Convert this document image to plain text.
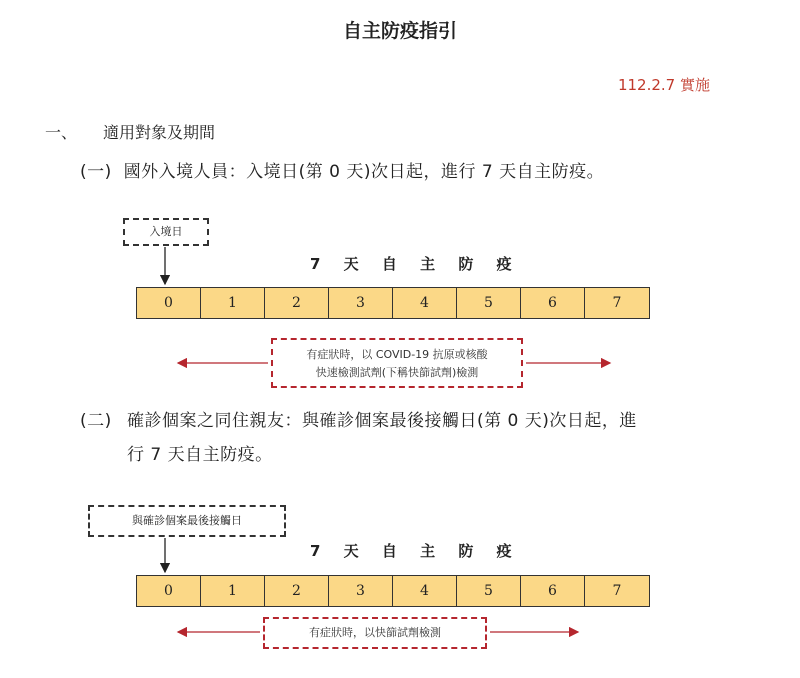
自主防疫指引
112.2.7 實施
一、 適用對象及期間
(一) 國外入境人員：入境日(第 0 天)次日起，進行 7 天自主防疫。
入境日
7 天 自 主 防 疫
0	1	2	3	4	5	6	7
有症狀時，以 COVID-19 抗原或核酸
快速檢測試劑(下稱快篩試劑)檢測
(二) 確診個案之同住親友：與確診個案最後接觸日(第 0 天)次日起，進
行 7 天自主防疫。
與確診個案最後接觸日
7 天 自 主 防 疫
0	1	2	3	4	5	6	7
有症狀時，以快篩試劑檢測
